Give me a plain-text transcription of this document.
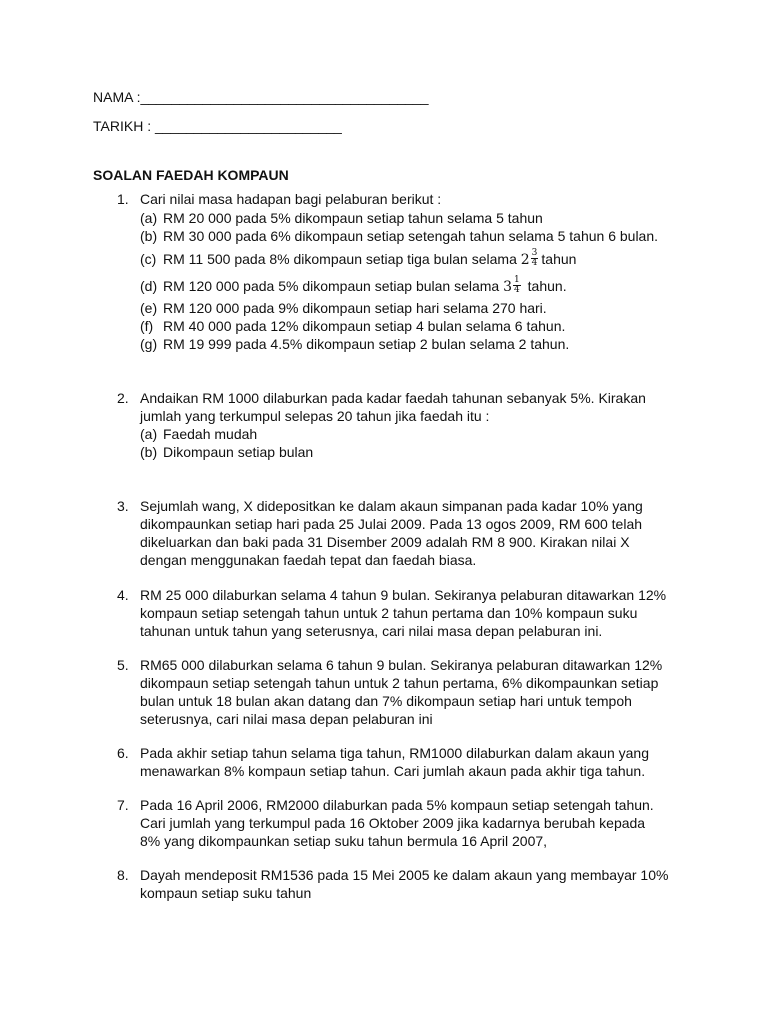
NAMA :_____________________________________
TARIKH : ________________________
SOALAN FAEDAH KOMPAUN
1. Cari nilai masa hadapan bagi pelaburan berikut :
(a) RM 20 000 pada 5% dikompaun setiap tahun selama 5 tahun
(b) RM 30 000 pada 6% dikompaun setiap setengah tahun selama 5 tahun 6 bulan.
(c) RM 11 500 pada 8% dikompaun setiap tiga bulan selama $2 \frac{3}{4}$ tahun
(d) RM 120 000 pada 5% dikompaun setiap bulan selama $3 \frac{1}{4}$ tahun.
(e) RM 120 000 pada 9% dikompaun setiap hari selama 270 hari.
(f) RM 40 000 pada 12% dikompaun setiap 4 bulan selama 6 tahun.
(g) RM 19 999 pada 4.5% dikompaun setiap 2 bulan selama 2 tahun.
2. Andaikan RM 1000 dilaburkan pada kadar faedah tahunan sebanyak 5%. Kirakan
jumlah yang terkumpul selepas 20 tahun jika faedah itu :
(a) Faedah mudah
(b) Dikompaun setiap bulan
3. Sejumlah wang, X didepositkan ke dalam akaun simpanan pada kadar 10% yang
dikompaunkan setiap hari pada 25 Julai 2009. Pada 13 ogos 2009, RM 600 telah
dikeluarkan dan baki pada 31 Disember 2009 adalah RM 8 900. Kirakan nilai X
dengan menggunakan faedah tepat dan faedah biasa.
4. RM 25 000 dilaburkan selama 4 tahun 9 bulan. Sekiranya pelaburan ditawarkan 12%
kompaun setiap setengah tahun untuk 2 tahun pertama dan 10% kompaun suku
tahunan untuk tahun yang seterusnya, cari nilai masa depan pelaburan ini.
5. RM65 000 dilaburkan selama 6 tahun 9 bulan. Sekiranya pelaburan ditawarkan 12%
dikompaun setiap setengah tahun untuk 2 tahun pertama, 6% dikompaunkan setiap
bulan untuk 18 bulan akan datang dan 7% dikompaun setiap hari untuk tempoh
seterusnya, cari nilai masa depan pelaburan ini
6. Pada akhir setiap tahun selama tiga tahun, RM1000 dilaburkan dalam akaun yang
menawarkan 8% kompaun setiap tahun. Cari jumlah akaun pada akhir tiga tahun.
7. Pada 16 April 2006, RM2000 dilaburkan pada 5% kompaun setiap setengah tahun.
Cari jumlah yang terkumpul pada 16 Oktober 2009 jika kadarnya berubah kepada
8% yang dikompaunkan setiap suku tahun bermula 16 April 2007,
8. Dayah mendeposit RM1536 pada 15 Mei 2005 ke dalam akaun yang membayar 10%
kompaun setiap suku tahun
